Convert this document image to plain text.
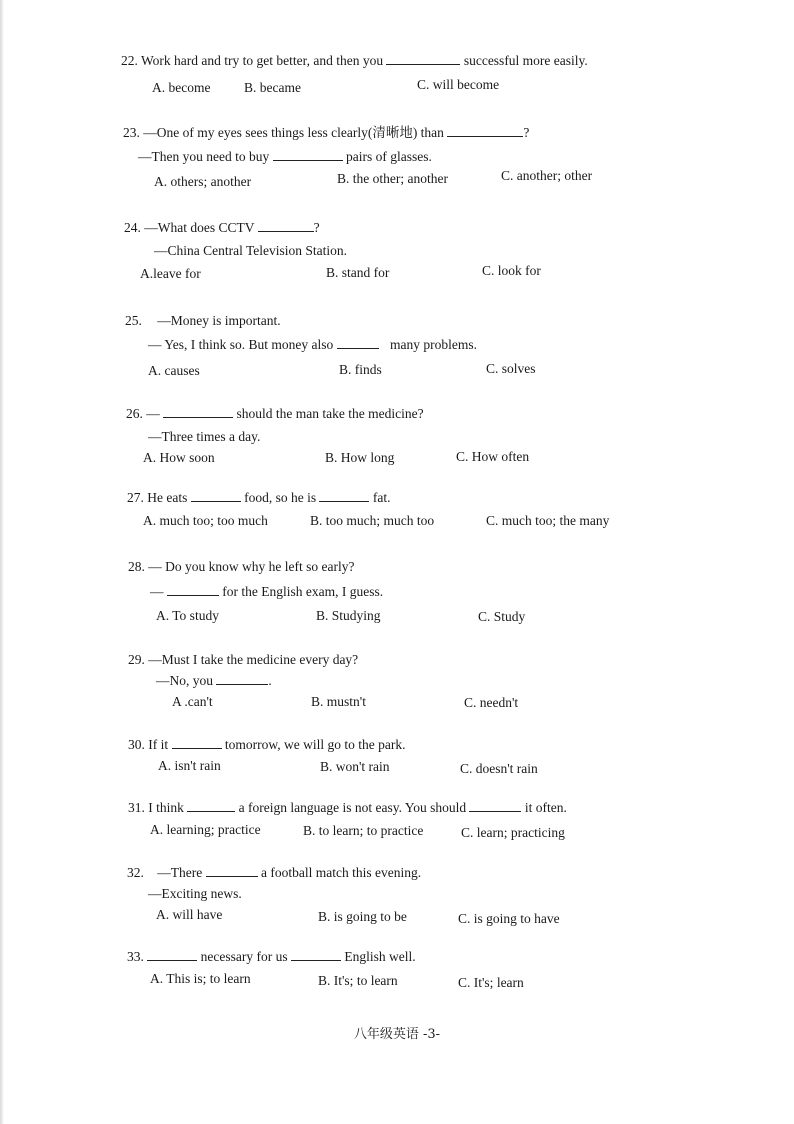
22. Work hard and try to get better, and then you	successful more easily.
A. become B. became	C. will become
23. —One of my eyes sees things less clearly(清晰地) than	?
—Then you need to buy	pairs of glasses.
A. others; another	B. the other; another	C. another; other
24. —What does CCTV	?
—China Central Television Station.
A.leave for	B. stand for	C. look for
25. —Money is important.
— Yes, I think so. But money also	many problems.
A. causes	B. finds	C. solves
26. —	should the man take the medicine?
—Three times a day.
A. How soon	B. How long	C. How often
27. He eats	food, so he is	fat.
A. much too; too much	B. too much; much too	C. much too; the many
28. — Do you know why he left so early?
—	for the English exam, I guess.
A. To study	B. Studying	C. Study
29. —Must I take the medicine every day?
—No, you	.
A .can't	B. mustn't	C. needn't
30. If it	tomorrow, we will go to the park.
A. isn't rain	B. won't rain	C. doesn't rain
31. I think	a foreign language is not easy. You should	it often.
A. learning; practice	B. to learn; to practice	C. learn; practicing
32. —There	a football match this evening.
—Exciting news.
A. will have	B. is going to be	C. is going to have
33.	necessary for us	English well.
A. This is; to learn	B. It's; to learn	C. It's; learn
八年级英语 -3-
